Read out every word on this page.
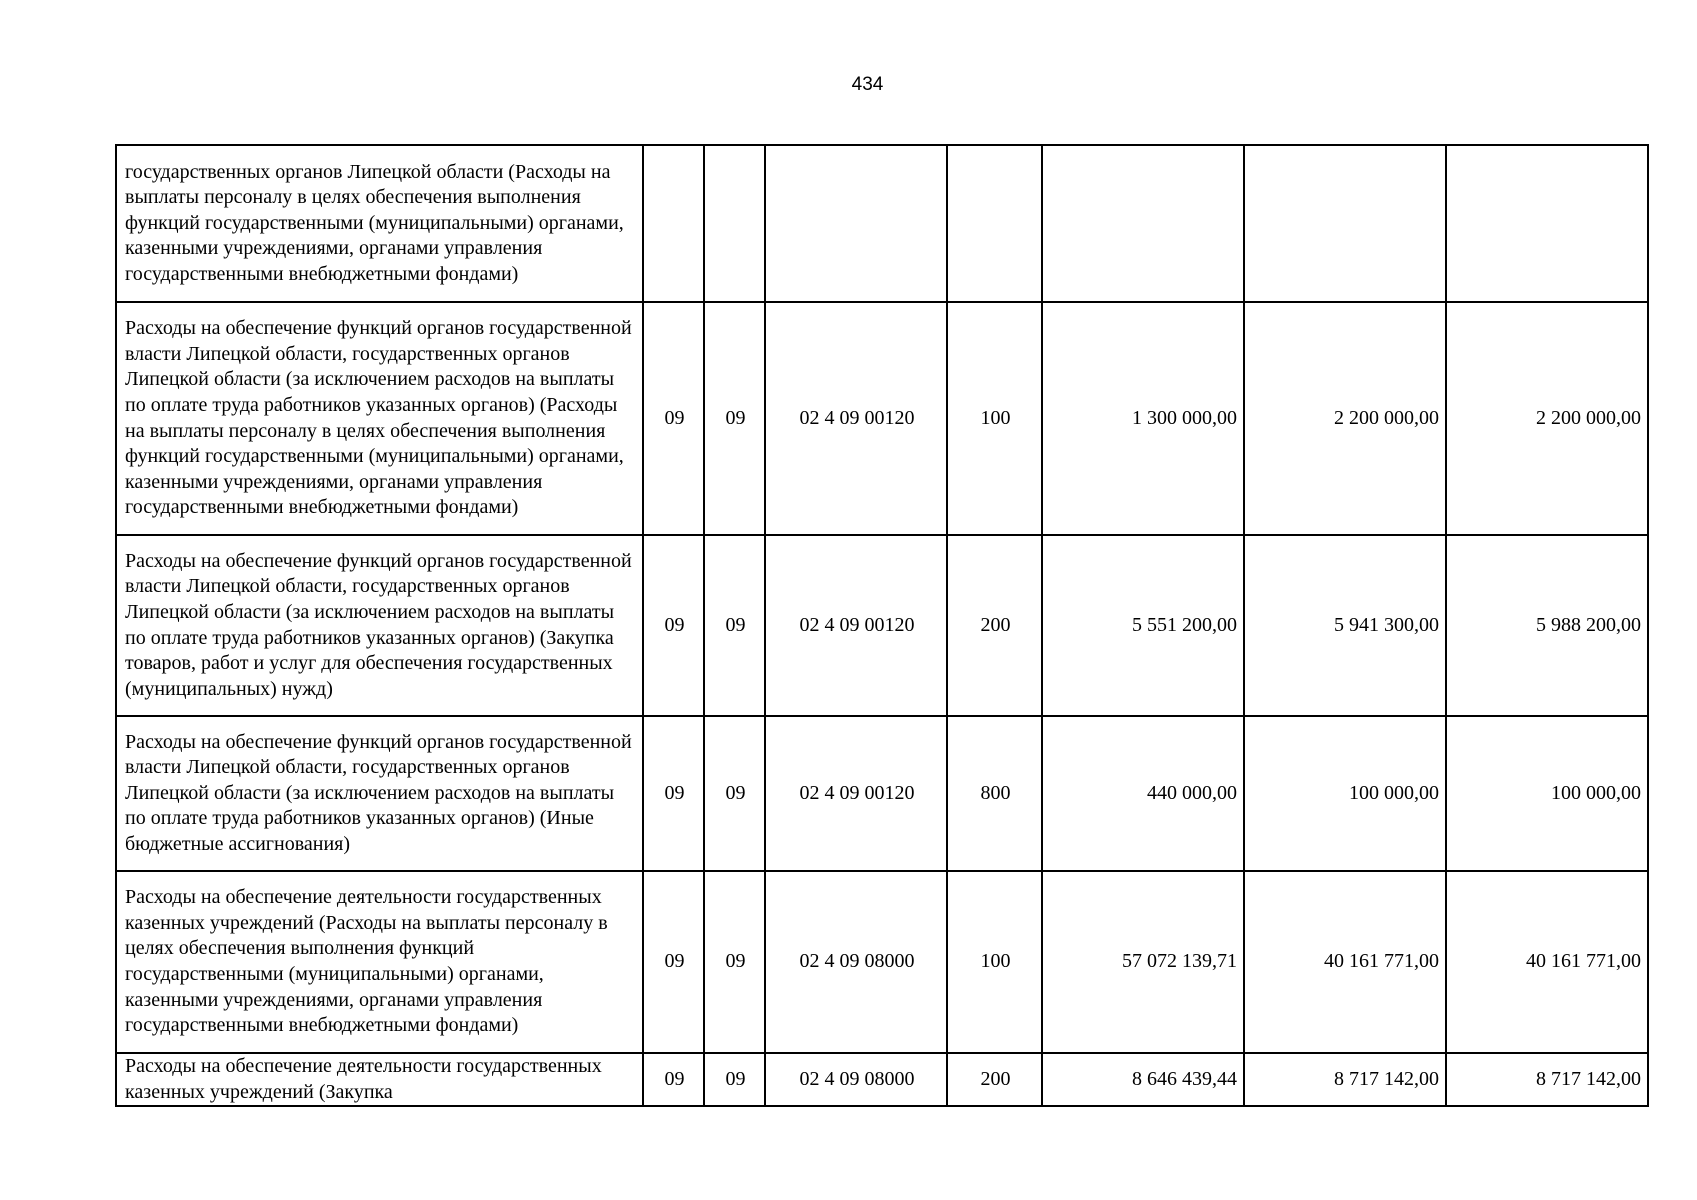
434
государственных органов Липецкой области (Расходы на выплаты персоналу в целях обеспечения выполнения функций государственными (муниципальными) органами, казенными учреждениями, органами управления государственными внебюджетными фондами)							
Расходы на обеспечение функций органов государственной власти Липецкой области, государственных органов Липецкой области (за исключением расходов на выплаты по оплате труда работников указанных органов) (Расходы на выплаты персоналу в целях обеспечения выполнения функций государственными (муниципальными) органами, казенными учреждениями, органами управления государственными внебюджетными фондами)	09	09	02 4 09 00120	100	1 300 000,00	2 200 000,00	2 200 000,00
Расходы на обеспечение функций органов государственной власти Липецкой области, государственных органов Липецкой области (за исключением расходов на выплаты по оплате труда работников указанных органов) (Закупка товаров, работ и услуг для обеспечения государственных (муниципальных) нужд)	09	09	02 4 09 00120	200	5 551 200,00	5 941 300,00	5 988 200,00
Расходы на обеспечение функций органов государственной власти Липецкой области, государственных органов Липецкой области (за исключением расходов на выплаты по оплате труда работников указанных органов) (Иные бюджетные ассигнования)	09	09	02 4 09 00120	800	440 000,00	100 000,00	100 000,00
Расходы на обеспечение деятельности государственных казенных учреждений (Расходы на выплаты персоналу в целях обеспечения выполнения функций государственными (муниципальными) органами, казенными учреждениями, органами управления государственными внебюджетными фондами)	09	09	02 4 09 08000	100	57 072 139,71	40 161 771,00	40 161 771,00
Расходы на обеспечение деятельности государственных казенных учреждений (Закупка	09	09	02 4 09 08000	200	8 646 439,44	8 717 142,00	8 717 142,00
